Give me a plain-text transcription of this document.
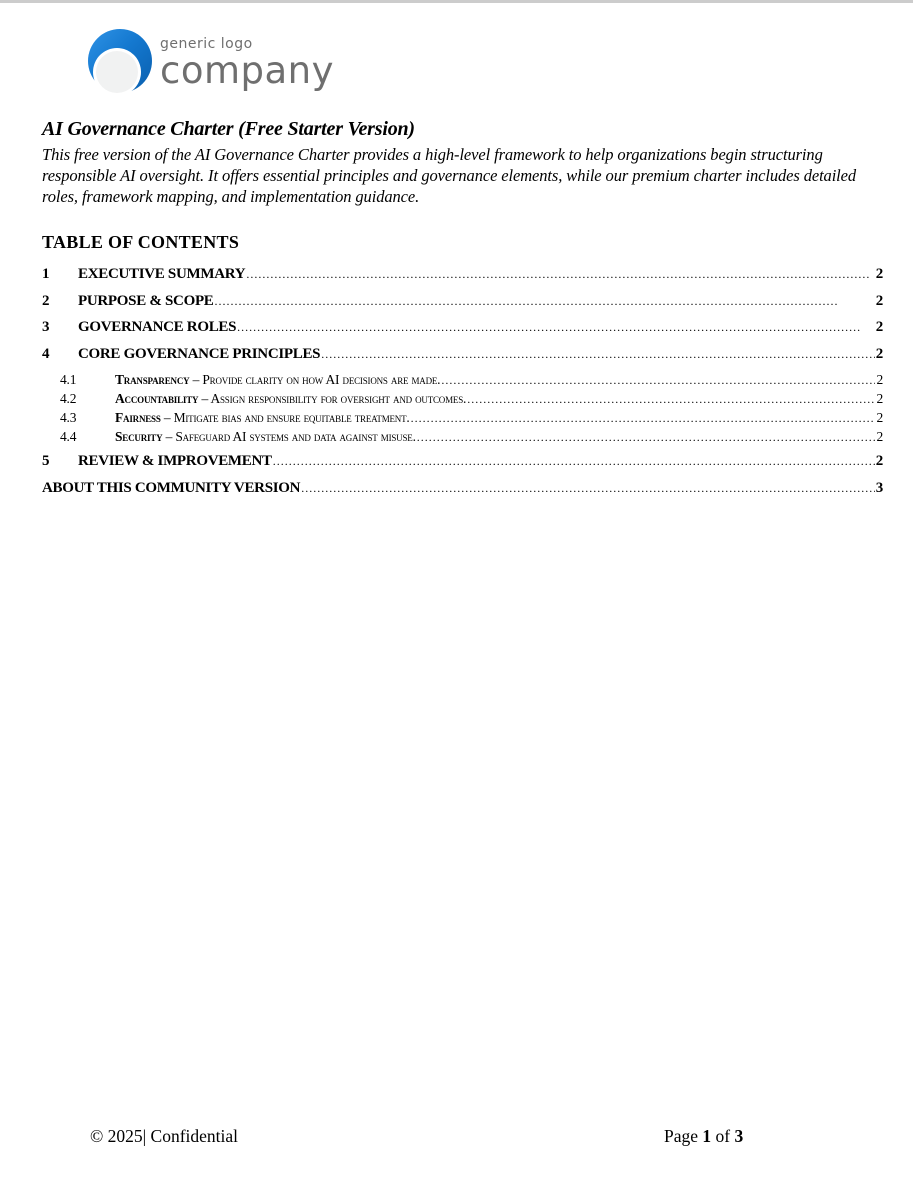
generic logo
company
AI Governance Charter (Free Starter Version)

This free version of the AI Governance Charter provides a high-level framework to help organizations begin structuring responsible AI oversight. It offers essential principles and governance elements, while our premium charter includes detailed roles, framework mapping, and implementation guidance.

TABLE OF CONTENTS
1	EXECUTIVE SUMMARY . . .	2
2	PURPOSE & SCOPE . . .	2
3	GOVERNANCE ROLES . . .	2
4	CORE GOVERNANCE PRINCIPLES . . .	2
4.1	Transparency – Provide clarity on how AI decisions are made. . . .	2
4.2	Accountability – Assign responsibility for oversight and outcomes. . . .	2
4.3	Fairness – Mitigate bias and ensure equitable treatment. . . .	2
4.4	Security – Safeguard AI systems and data against misuse. . . .	2
5	REVIEW & IMPROVEMENT . . .	2
ABOUT THIS COMMUNITY VERSION . . .	3
© 2025| Confidential	Page 1 of 3
